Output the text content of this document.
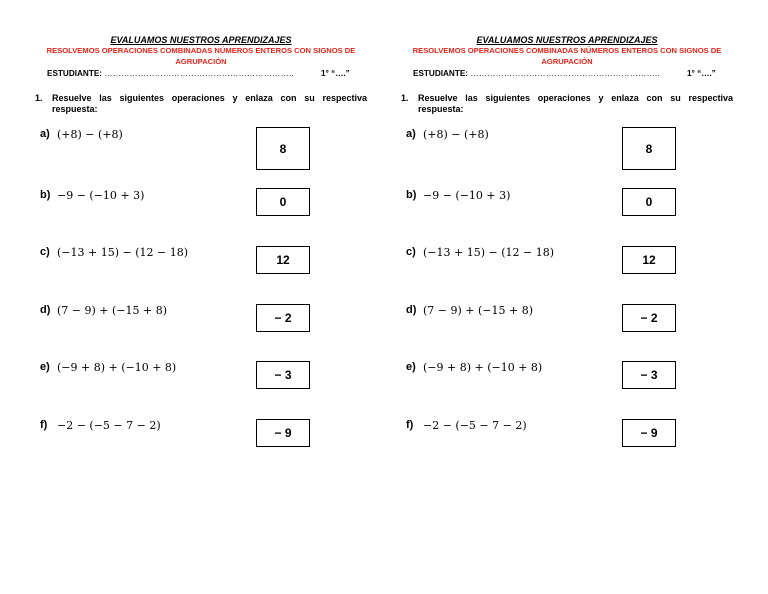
EVALUAMOS NUESTROS APRENDIZAJES
RESOLVEMOS OPERACIONES COMBINADAS NÚMEROS ENTEROS CON SIGNOS DE AGRUPACIÓN
ESTUDIANTE: …………………………………………………………..	1° “….”
1. Resuelve las siguientes operaciones y enlaza con su respectiva respuesta:
a) (+8) − (+8)
8
b) −9 − (−10 + 3)	0
c) (−13 + 15) − (12 − 18)
12
d) (7 − 9) + (−15 + 8)
− 2
e) (−9 + 8) + (−10 + 8)
− 3
f) −2 − (−5 − 7 − 2)
− 9
EVALUAMOS NUESTROS APRENDIZAJES
RESOLVEMOS OPERACIONES COMBINADAS NÚMEROS ENTEROS CON SIGNOS DE AGRUPACIÓN
ESTUDIANTE: …………………………………………………………..	1° “….”
1. Resuelve las siguientes operaciones y enlaza con su respectiva respuesta:
a) (+8) − (+8)
8
b) −9 − (−10 + 3)	0
c) (−13 + 15) − (12 − 18)
12
d) (7 − 9) + (−15 + 8)
− 2
e) (−9 + 8) + (−10 + 8)
− 3
f) −2 − (−5 − 7 − 2)
− 9
